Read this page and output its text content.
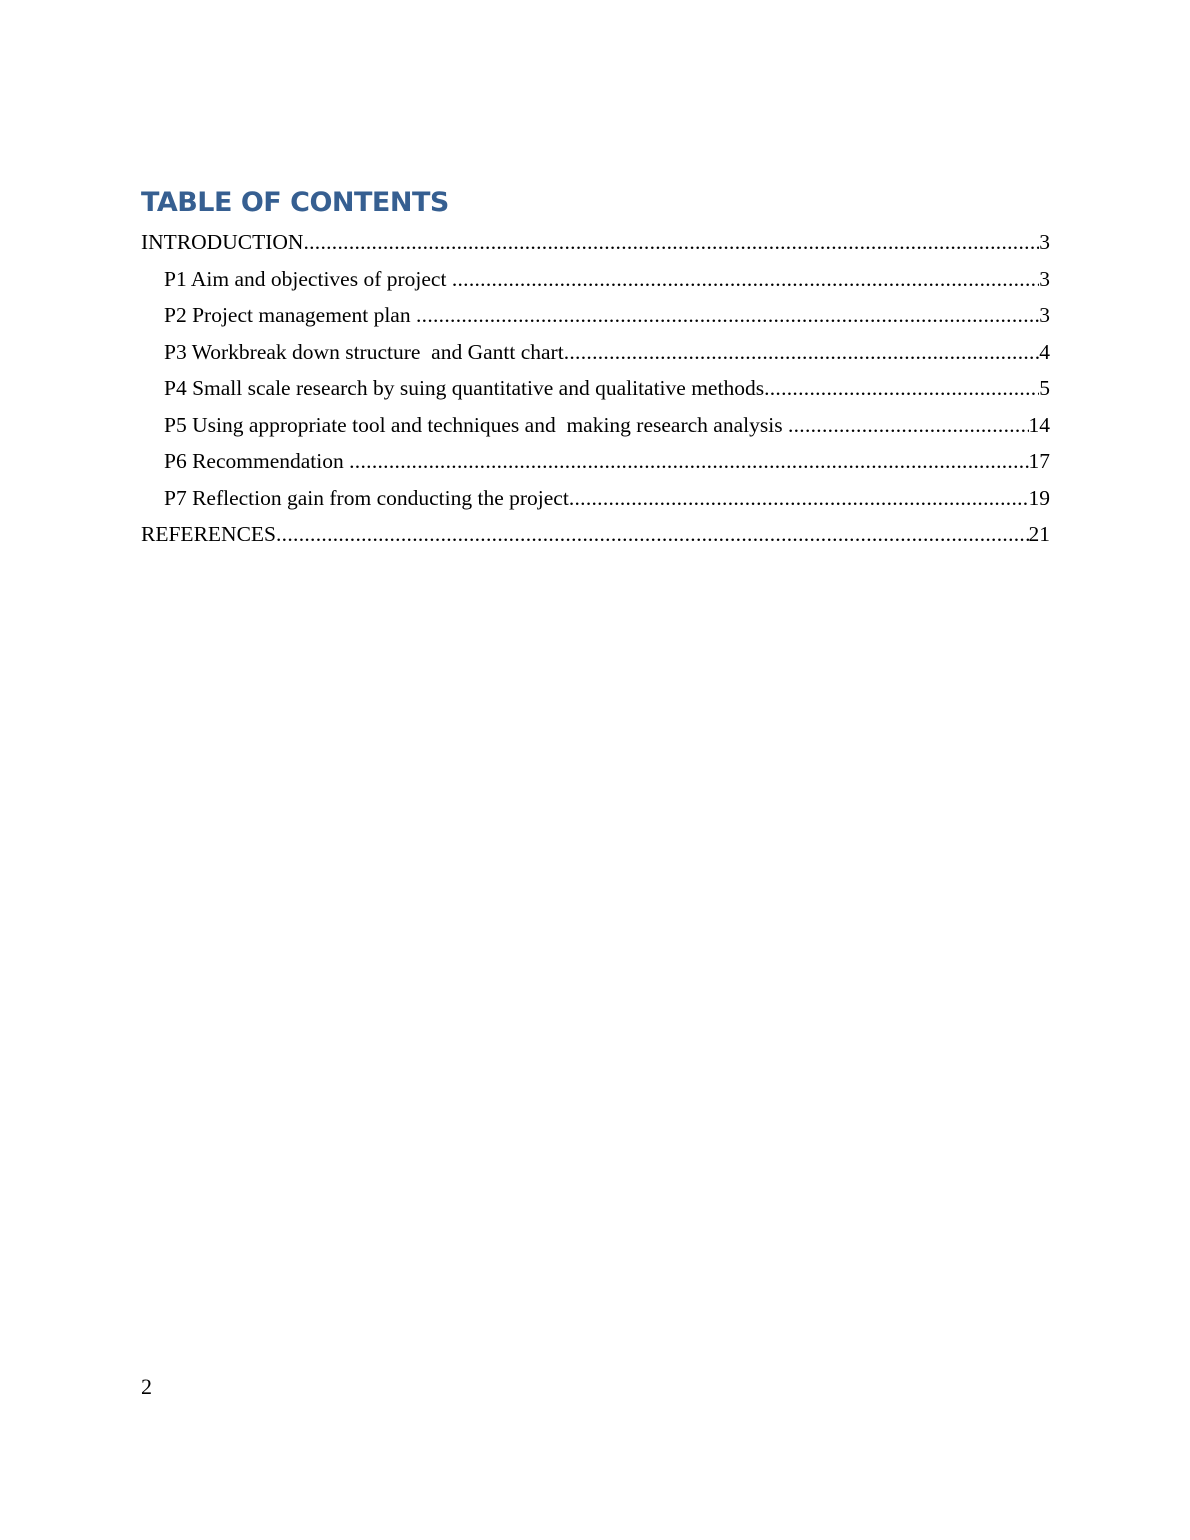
TABLE OF CONTENTS
INTRODUCTION .....	3
P1 Aim and objectives of project .....	3
P2 Project management plan .....	3
P3 Workbreak down structure  and Gantt chart .....	4
P4 Small scale research by suing quantitative and qualitative methods .....	5
P5 Using appropriate tool and techniques and  making research analysis .....	14
P6 Recommendation .....	17
P7 Reflection gain from conducting the project .....	19
REFERENCES .....	21
2
